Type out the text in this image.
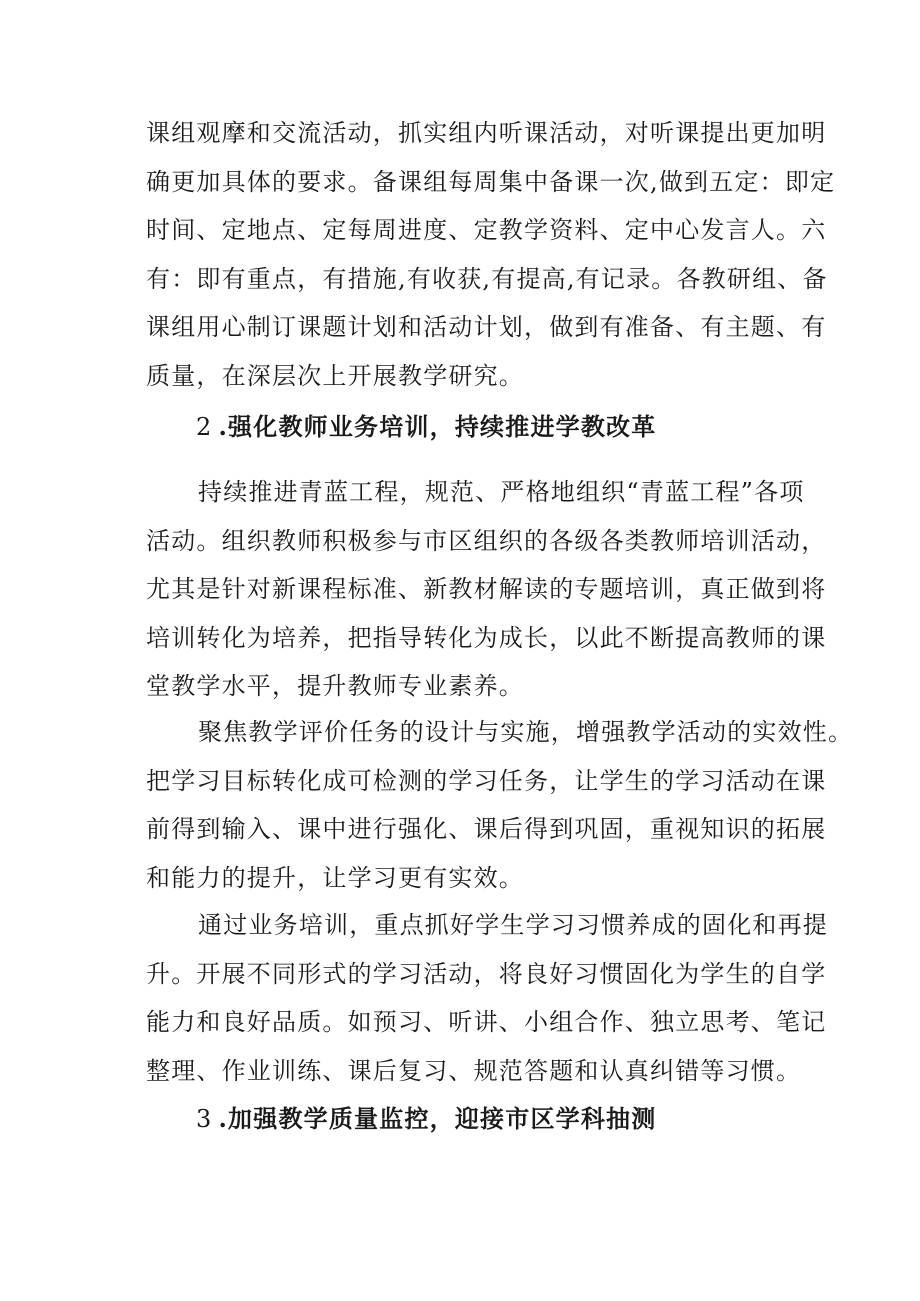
课组观摩和交流活动，抓实组内听课活动，对听课提出更加明
确更加具体的要求。备课组每周集中备课一次,做到五定：即定
时间、定地点、定每周进度、定教学资料、定中心发言人。六
有：即有重点，有措施,有收获,有提高,有记录。各教研组、备
课组用心制订课题计划和活动计划，做到有准备、有主题、有
质量，在深层次上开展教学研究。
2 .强化教师业务培训，持续推进学教改革
持续推进青蓝工程，规范、严格地组织“青蓝工程”各项
活动。组织教师积极参与市区组织的各级各类教师培训活动，
尤其是针对新课程标准、新教材解读的专题培训，真正做到将
培训转化为培养，把指导转化为成长，以此不断提高教师的课
堂教学水平，提升教师专业素养。
聚焦教学评价任务的设计与实施，增强教学活动的实效性。
把学习目标转化成可检测的学习任务，让学生的学习活动在课
前得到输入、课中进行强化、课后得到巩固，重视知识的拓展
和能力的提升，让学习更有实效。
通过业务培训，重点抓好学生学习习惯养成的固化和再提
升。开展不同形式的学习活动，将良好习惯固化为学生的自学
能力和良好品质。如预习、听讲、小组合作、独立思考、笔记
整理、作业训练、课后复习、规范答题和认真纠错等习惯。
3 .加强教学质量监控，迎接市区学科抽测
